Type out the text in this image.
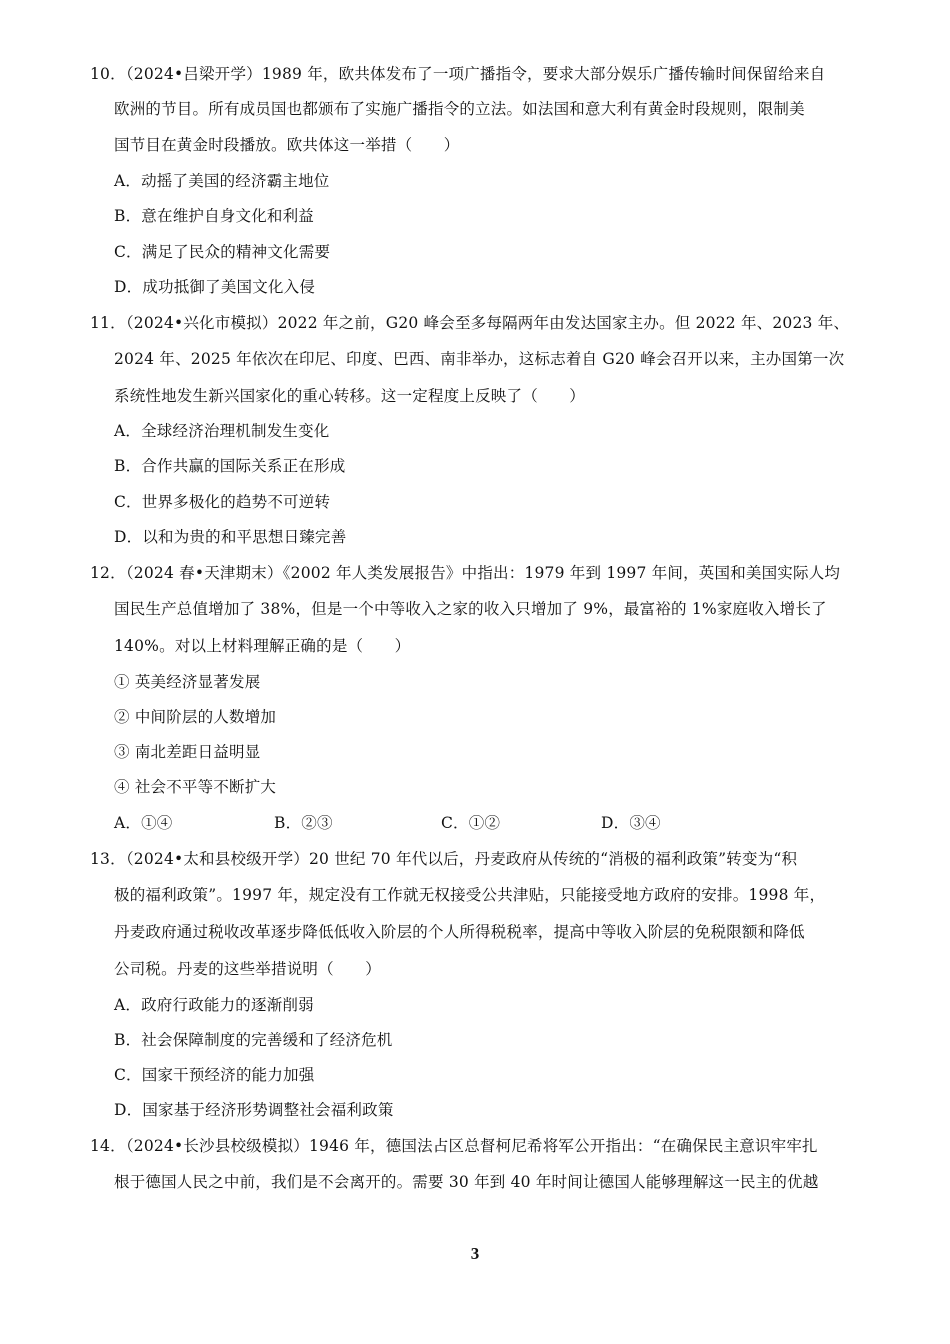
10．（2024•吕梁开学）1989 年，欧共体发布了一项广播指令，要求大部分娱乐广播传输时间保留给来自
欧洲的节目。所有成员国也都颁布了实施广播指令的立法。如法国和意大利有黄金时段规则，限制美
国节目在黄金时段播放。欧共体这一举措（　　）
A．动摇了美国的经济霸主地位
B．意在维护自身文化和利益
C．满足了民众的精神文化需要
D．成功抵御了美国文化入侵
11．（2024•兴化市模拟）2022 年之前，G20 峰会至多每隔两年由发达国家主办。但 2022 年、2023 年、
2024 年、2025 年依次在印尼、印度、巴西、南非举办，这标志着自 G20 峰会召开以来，主办国第一次
系统性地发生新兴国家化的重心转移。这一定程度上反映了（　　）
A．全球经济治理机制发生变化
B．合作共赢的国际关系正在形成
C．世界多极化的趋势不可逆转
D．以和为贵的和平思想日臻完善
12．（2024 春•天津期末）《2002 年人类发展报告》中指出：1979 年到 1997 年间，英国和美国实际人均
国民生产总值增加了 38%，但是一个中等收入之家的收入只增加了 9%，最富裕的 1%家庭收入增长了
140%。对以上材料理解正确的是（　　）
① 英美经济显著发展
② 中间阶层的人数增加
③ 南北差距日益明显
④ 社会不平等不断扩大
A．①④	B．②③	C．①②	D．③④
13．（2024•太和县校级开学）20 世纪 70 年代以后，丹麦政府从传统的“消极的福利政策”转变为“积
极的福利政策”。1997 年，规定没有工作就无权接受公共津贴，只能接受地方政府的安排。1998 年，
丹麦政府通过税收改革逐步降低低收入阶层的个人所得税税率，提高中等收入阶层的免税限额和降低
公司税。丹麦的这些举措说明（　　）
A．政府行政能力的逐渐削弱
B．社会保障制度的完善缓和了经济危机
C．国家干预经济的能力加强
D．国家基于经济形势调整社会福利政策
14．（2024•长沙县校级模拟）1946 年，德国法占区总督柯尼希将军公开指出：“在确保民主意识牢牢扎
根于德国人民之中前，我们是不会离开的。需要 30 年到 40 年时间让德国人能够理解这一民主的优越
3
